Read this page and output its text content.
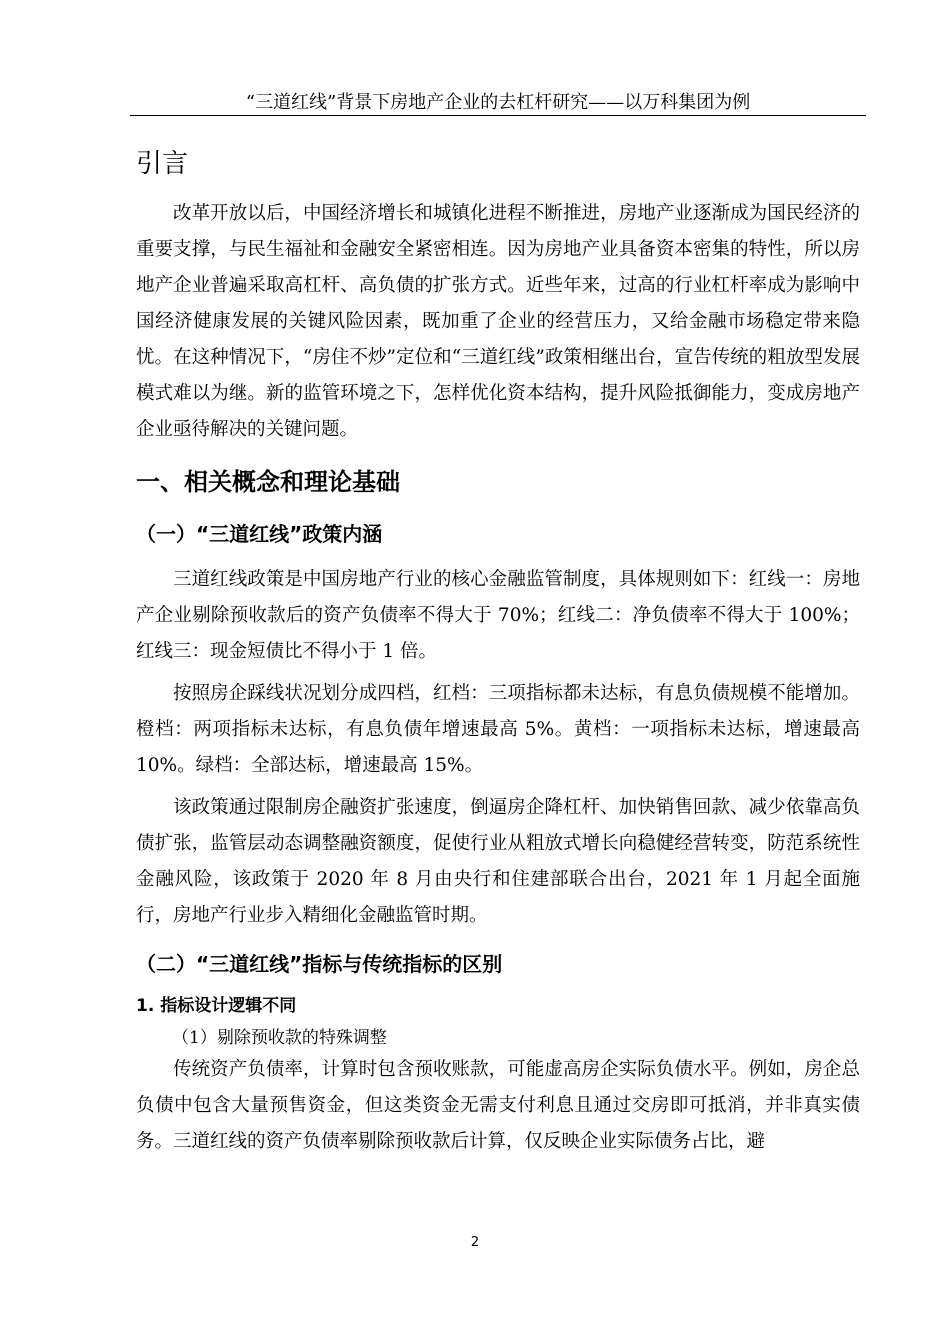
“三道红线”背景下房地产企业的去杠杆研究——以万科集团为例
引言

改革开放以后，中国经济增长和城镇化进程不断推进，房地产业逐渐成为国民经济的重要支撑，与民生福祉和金融安全紧密相连。因为房地产业具备资本密集的特性，所以房地产企业普遍采取高杠杆、高负债的扩张方式。近些年来，过高的行业杠杆率成为影响中国经济健康发展的关键风险因素，既加重了企业的经营压力，又给金融市场稳定带来隐忧。在这种情况下，“房住不炒”定位和“三道红线”政策相继出台，宣告传统的粗放型发展模式难以为继。新的监管环境之下，怎样优化资本结构，提升风险抵御能力，变成房地产企业亟待解决的关键问题。

一、相关概念和理论基础
（一）“三道红线”政策内涵

三道红线政策是中国房地产行业的核心金融监管制度，具体规则如下：红线一：房地产企业剔除预收款后的资产负债率不得大于 70%；红线二：净负债率不得大于 100%；红线三：现金短债比不得小于 1 倍。

按照房企踩线状况划分成四档，红档：三项指标都未达标，有息负债规模不能增加。橙档：两项指标未达标，有息负债年增速最高 5%。黄档：一项指标未达标，增速最高 10%。绿档：全部达标，增速最高 15%。

该政策通过限制房企融资扩张速度，倒逼房企降杠杆、加快销售回款、减少依靠高负债扩张，监管层动态调整融资额度，促使行业从粗放式增长向稳健经营转变，防范系统性金融风险，该政策于 2020 年 8 月由央行和住建部联合出台，2021 年 1 月起全面施行，房地产行业步入精细化金融监管时期。

（二）“三道红线”指标与传统指标的区别
1. 指标设计逻辑不同
（1）剔除预收款的特殊调整

传统资产负债率，计算时包含预收账款，可能虚高房企实际负债水平。例如，房企总负债中包含大量预售资金，但这类资金无需支付利息且通过交房即可抵消，并非真实债务。三道红线的资产负债率剔除预收款后计算，仅反映企业实际债务占比，避

2
